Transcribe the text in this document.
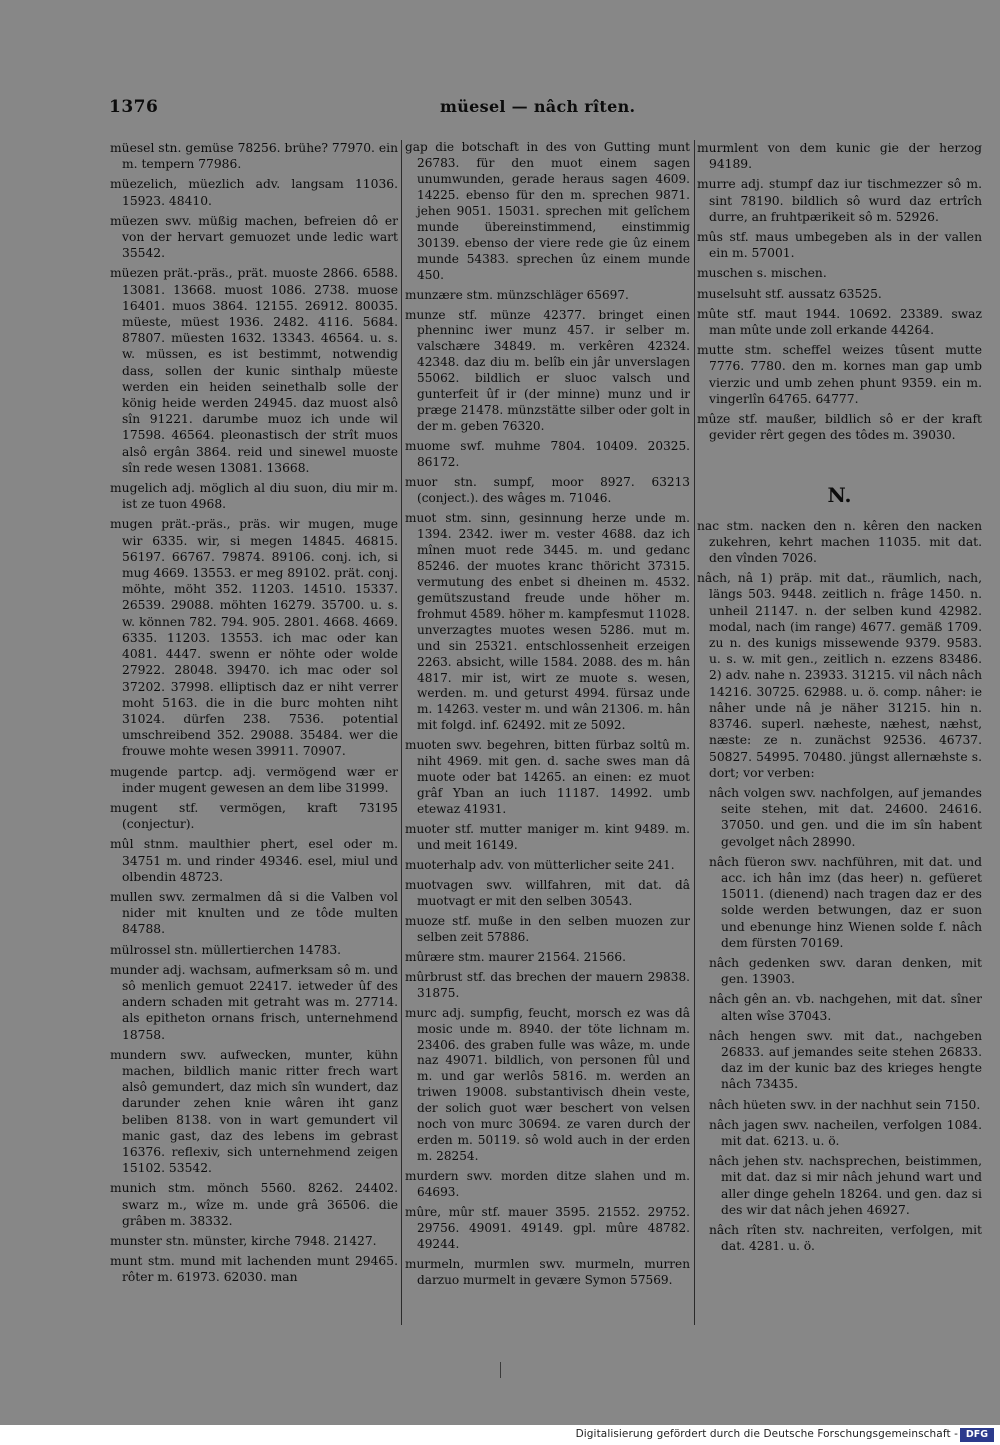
1376	müesel — nâch rîten.

müesel stn. gemüse 78256. brühe? 77970. ein m. tempern 77986.

müezelich, müezlich adv. langsam 11036. 15923. 48410.

müezen swv. müßig machen, befreien dô er von der hervart gemuozet unde ledic wart 35542.

müezen prät.-präs., prät. muoste 2866. 6588. 13081. 13668. muost 1086. 2738. muose 16401. muos 3864. 12155. 26912. 80035. müeste, müest 1936. 2482. 4116. 5684. 87807. müesten 1632. 13343. 46564. u. s. w. müssen, es ist bestimmt, notwendig dass, sollen der kunic sinthalp müeste werden ein heiden seinethalb solle der könig heide werden 24945. daz muost alsô sîn 91221. darumbe muoz ich unde wil 17598. 46564. pleonastisch der strît muos alsô ergân 3864. reid und sinewel muoste sîn rede wesen 13081. 13668.

mugelich adj. möglich al diu suon, diu mir m. ist ze tuon 4968.

mugen prät.-präs., präs. wir mugen, muge wir 6335. wir, si megen 14845. 46815. 56197. 66767. 79874. 89106. conj. ich, si mug 4669. 13553. er meg 89102. prät. conj. möhte, möht 352. 11203. 14510. 15337. 26539. 29088. möhten 16279. 35700. u. s. w. können 782. 794. 905. 2801. 4668. 4669. 6335. 11203. 13553. ich mac oder kan 4081. 4447. swenn er nöhte oder wolde 27922. 28048. 39470. ich mac oder sol 37202. 37998. elliptisch daz er niht verrer moht 5163. die in die burc mohten niht 31024. dürfen 238. 7536. potential umschreibend 352. 29088. 35484. wer die frouwe mohte wesen 39911. 70907.

mugende partcp. adj. vermögend wær er inder mugent gewesen an dem libe 31999.

mugent stf. vermögen, kraft 73195 (conjectur).

mûl stnm. maulthier phert, esel oder m. 34751 m. und rinder 49346. esel, miul und olbendin 48723.

mullen swv. zermalmen dâ si die Valben vol nider mit knulten und ze tôde multen 84788.

mülrossel stn. müllertierchen 14783.

munder adj. wachsam, aufmerksam sô m. und sô menlich gemuot 22417. ietweder ûf des andern schaden mit getraht was m. 27714. als epitheton ornans frisch, unternehmend 18758.

mundern swv. aufwecken, munter, kühn machen, bildlich manic ritter frech wart alsô gemundert, daz mich sîn wundert, daz darunder zehen knie wâren iht ganz beliben 8138. von in wart gemundert vil manic gast, daz des lebens im gebrast 16376. reflexiv, sich unternehmend zeigen 15102. 53542.

munich stm. mönch 5560. 8262. 24402. swarz m., wîze m. unde grâ 36506. die grâben m. 38332.

munster stn. münster, kirche 7948. 21427.

munt stm. mund mit lachenden munt 29465. rôter m. 61973. 62030. man

gap die botschaft in des von Gutting munt 26783. für den muot einem sagen unumwunden, gerade heraus sagen 4609. 14225. ebenso für den m. sprechen 9871. jehen 9051. 15031. sprechen mit gelîchem munde übereinstimmend, einstimmig 30139. ebenso der viere rede gie ûz einem munde 54383. sprechen ûz einem munde 450.

munzære stm. münzschläger 65697.

munze stf. münze 42377. bringet einen phenninc iwer munz 457. ir selber m. valschære 34849. m. verkêren 42324. 42348. daz diu m. belîb ein jâr unverslagen 55062. bildlich er sluoc valsch und gunterfeit ûf ir (der minne) munz und ir prægе 21478. münzstätte silber oder golt in der m. geben 76320.

muome swf. muhme 7804. 10409. 20325. 86172.

muor stn. sumpf, moor 8927. 63213 (conject.). des wâges m. 71046.

muot stm. sinn, gesinnung herze unde m. 1394. 2342. iwer m. vester 4688. daz ich mînen muot rede 3445. m. und gedanc 85246. der muotes kranc thöricht 37315. vermutung des enbet si dheinen m. 4532. gemütszustand freude unde höher m. frohmut 4589. höher m. kampfesmut 11028. unverzagtes muotes wesen 5286. mut m. und sin 25321. entschlossenheit erzeigen 2263. absicht, wille 1584. 2088. des m. hân 4817. mir ist, wirt ze muote s. wesen, werden. m. und geturst 4994. fürsaz unde m. 14263. vester m. und wân 21306. m. hân mit folgd. inf. 62492. mit ze 5092.

muoten swv. begehren, bitten fürbaz soltû m. niht 4969. mit gen. d. sache swes man dâ muote oder bat 14265. an einen: ez muot grâf Yban an iuch 11187. 14992. umb etewaz 41931.

muoter stf. mutter maniger m. kint 9489. m. und meit 16149.

muoterhalp adv. von mütterlicher seite 241.

muotvagen swv. willfahren, mit dat. dâ muotvagt er mit den selben 30543.

muoze stf. muße in den selben muozen zur selben zeit 57886.

mûrære stm. maurer 21564. 21566.

mûrbrust stf. das brechen der mauern 29838. 31875.

murc adj. sumpfig, feucht, morsch ez was dâ mosic unde m. 8940. der töte lichnam m. 23406. des graben fulle was wâze, m. unde naz 49071. bildlich, von personen fûl und m. und gar werlôs 5816. m. werden an triwen 19008. substantivisch dhein veste, der solich guot wær beschert von velsen noch von murc 30694. ze varen durch der erden m. 50119. sô wold auch in der erden m. 28254.

murdern swv. morden ditze slahen und m. 64693.

mûre, mûr stf. mauer 3595. 21552. 29752. 29756. 49091. 49149. gpl. mûre 48782. 49244.

murmeln, murmlen swv. murmeln, murren darzuo murmelt in gevære Symon 57569.

murmlent von dem kunic gie der herzog 94189.

murre adj. stumpf daz iur tischmezzer sô m. sint 78190. bildlich sô wurd daz ertrîch durre, an fruhtpærikeit sô m. 52926.

mûs stf. maus umbegeben als in der vallen ein m. 57001.

muschen s. mischen.

muselsuht stf. aussatz 63525.

mûte stf. maut 1944. 10692. 23389. swaz man mûte unde zoll erkande 44264.

mutte stm. scheffel weizes tûsent mutte 7776. 7780. den m. kornes man gap umb vierzic und umb zehen phunt 9359. ein m. vingerlîn 64765. 64777.

mûze stf. maußer, bildlich sô er der kraft gevider rêrt gegen des tôdes m. 39030.

N.

nac stm. nacken den n. kêren den nacken zukehren, kehrt machen 11035. mit dat. den vînden 7026.

nâch, nâ 1) präp. mit dat., räumlich, nach, längs 503. 9448. zeitlich n. frâge 1450. n. unheil 21147. n. der selben kund 42982. modal, nach (im range) 4677. gemäß 1709. zu n. des kunigs missewende 9379. 9583. u. s. w. mit gen., zeitlich n. ezzens 83486. 2) adv. nahe n. 23933. 31215. vil nâch nâch 14216. 30725. 62988. u. ö. comp. nâher: ie nâher unde nâ je näher 31215. hin n. 83746. superl. næheste, næhest, næhst, næste: ze n. zunächst 92536. 46737. 50827. 54995. 70480. jüngst allernæhste s. dort; vor verben:

nâch volgen swv. nachfolgen, auf jemandes seite stehen, mit dat. 24600. 24616. 37050. und gen. und die im sîn habent gevolget nâch 28990.

nâch füeron swv. nachführen, mit dat. und acc. ich hân imz (das heer) n. gefüeret 15011. (dienend) nach tragen daz er des solde werden betwungen, daz er suon und ebenunge hinz Wienen solde f. nâch dem fürsten 70169.

nâch gedenken swv. daran denken, mit gen. 13903.

nâch gên an. vb. nachgehen, mit dat. sîner alten wîse 37043.

nâch hengen swv. mit dat., nachgeben 26833. auf jemandes seite stehen 26833. daz im der kunic baz des krieges hengte nâch 73435.

nâch hüeten swv. in der nachhut sein 7150.

nâch jagen swv. nacheilen, verfolgen 1084. mit dat. 6213. u. ö.

nâch jehen stv. nachsprechen, beistimmen, mit dat. daz si mir nâch jehund wart und aller dinge geheln 18264. und gen. daz si des wir dat nâch jehen 46927.

nâch rîten stv. nachreiten, verfolgen, mit dat. 4281. u. ö.

Digitalisierung gefördert durch die Deutsche Forschungsgemeinschaft - DFG
